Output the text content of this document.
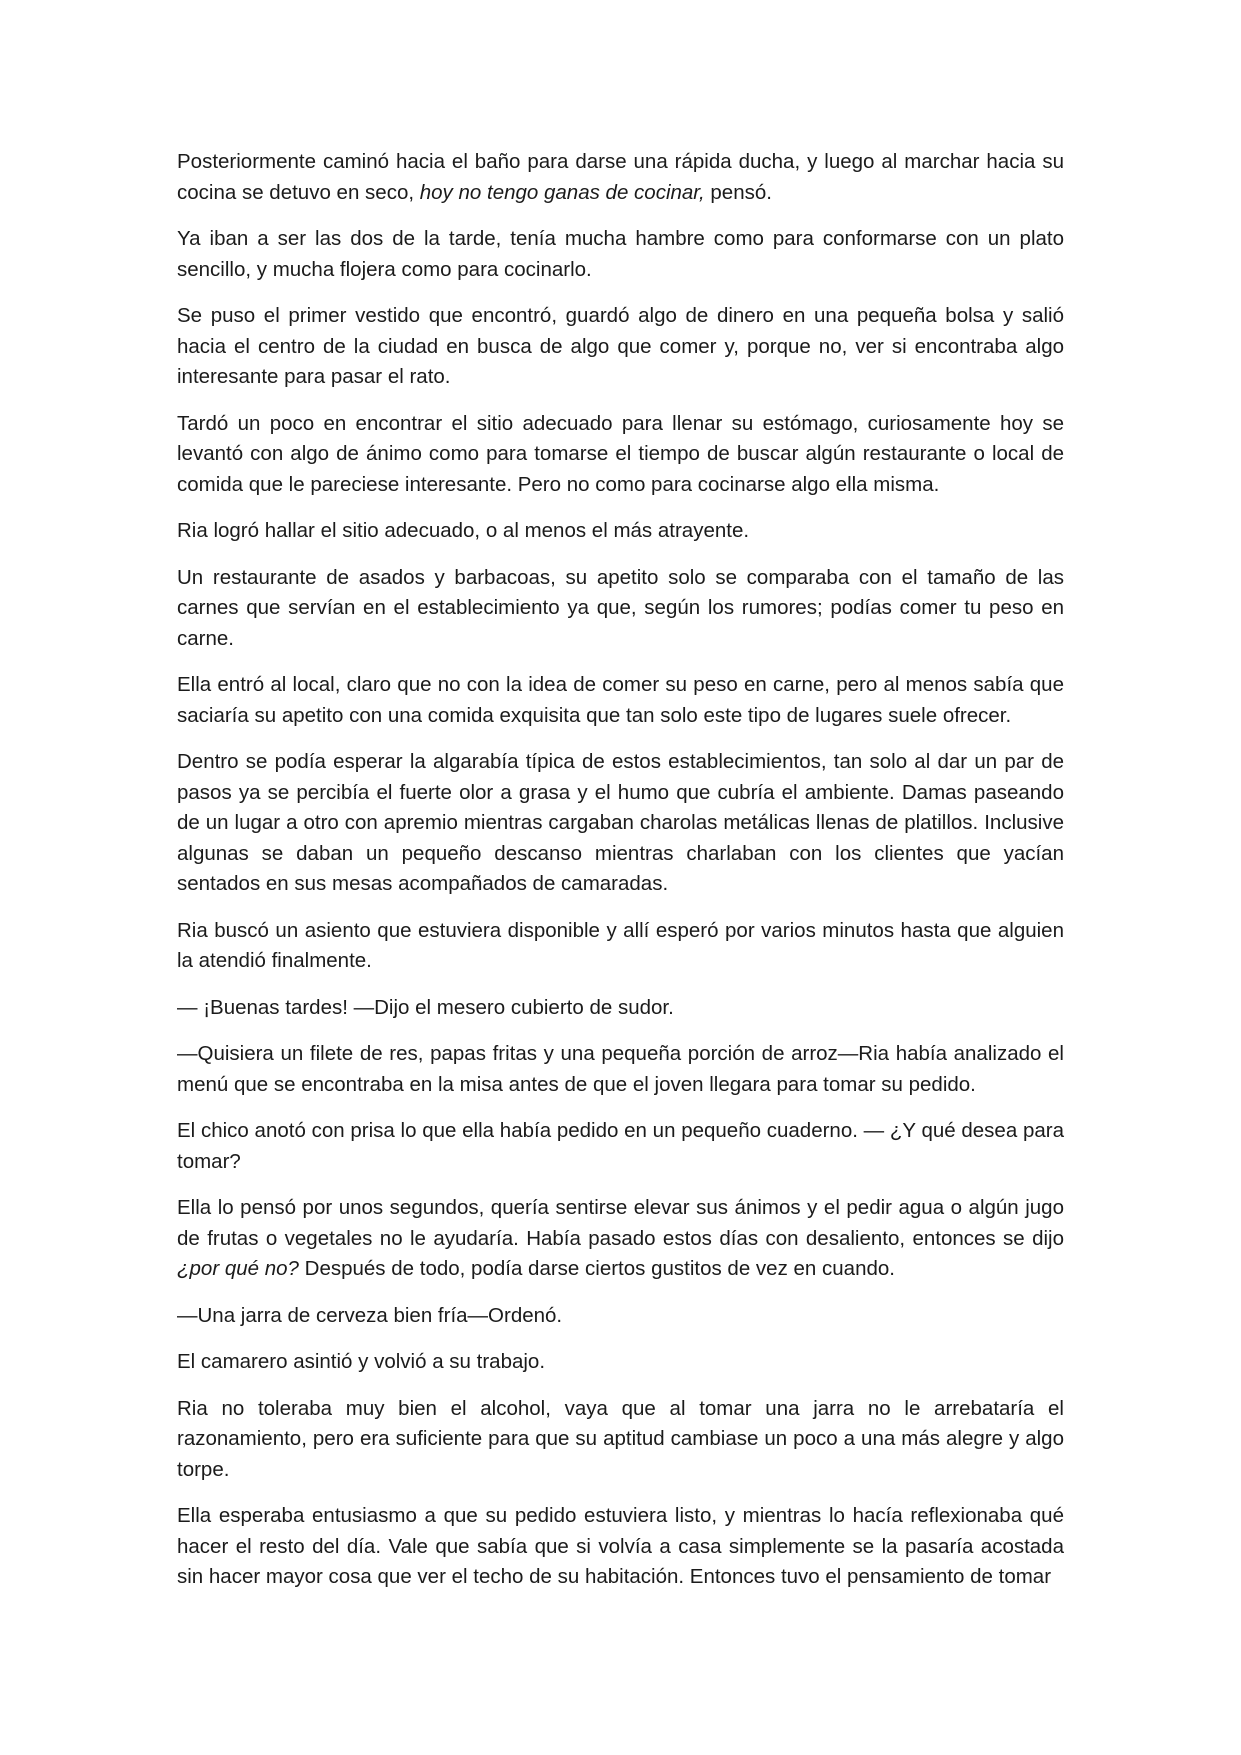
Posteriormente caminó hacia el baño para darse una rápida ducha, y luego al marchar hacia su cocina se detuvo en seco, hoy no tengo ganas de cocinar, pensó.

Ya iban a ser las dos de la tarde, tenía mucha hambre como para conformarse con un plato sencillo, y mucha flojera como para cocinarlo.

Se puso el primer vestido que encontró, guardó algo de dinero en una pequeña bolsa y salió hacia el centro de la ciudad en busca de algo que comer y, porque no, ver si encontraba algo interesante para pasar el rato.

Tardó un poco en encontrar el sitio adecuado para llenar su estómago, curiosamente hoy se levantó con algo de ánimo como para tomarse el tiempo de buscar algún restaurante o local de comida que le pareciese interesante. Pero no como para cocinarse algo ella misma.

Ria logró hallar el sitio adecuado, o al menos el más atrayente.

Un restaurante de asados y barbacoas, su apetito solo se comparaba con el tamaño de las carnes que servían en el establecimiento ya que, según los rumores; podías comer tu peso en carne.

Ella entró al local, claro que no con la idea de comer su peso en carne, pero al menos sabía que saciaría su apetito con una comida exquisita que tan solo este tipo de lugares suele ofrecer.

Dentro se podía esperar la algarabía típica de estos establecimientos, tan solo al dar un par de pasos ya se percibía el fuerte olor a grasa y el humo que cubría el ambiente. Damas paseando de un lugar a otro con apremio mientras cargaban charolas metálicas llenas de platillos. Inclusive algunas se daban un pequeño descanso mientras charlaban con los clientes que yacían sentados en sus mesas acompañados de camaradas.

Ria buscó un asiento que estuviera disponible y allí esperó por varios minutos hasta que alguien la atendió finalmente.

— ¡Buenas tardes! —Dijo el mesero cubierto de sudor.

—Quisiera un filete de res, papas fritas y una pequeña porción de arroz—Ria había analizado el menú que se encontraba en la misa antes de que el joven llegara para tomar su pedido.

El chico anotó con prisa lo que ella había pedido en un pequeño cuaderno. — ¿Y qué desea para tomar?

Ella lo pensó por unos segundos, quería sentirse elevar sus ánimos y el pedir agua o algún jugo de frutas o vegetales no le ayudaría. Había pasado estos días con desaliento, entonces se dijo ¿por qué no? Después de todo, podía darse ciertos gustitos de vez en cuando.

—Una jarra de cerveza bien fría—Ordenó.

El camarero asintió y volvió a su trabajo.

Ria no toleraba muy bien el alcohol, vaya que al tomar una jarra no le arrebataría el razonamiento, pero era suficiente para que su aptitud cambiase un poco a una más alegre y algo torpe.

Ella esperaba entusiasmo a que su pedido estuviera listo, y mientras lo hacía reflexionaba qué hacer el resto del día. Vale que sabía que si volvía a casa simplemente se la pasaría acostada sin hacer mayor cosa que ver el techo de su habitación. Entonces tuvo el pensamiento de tomar
